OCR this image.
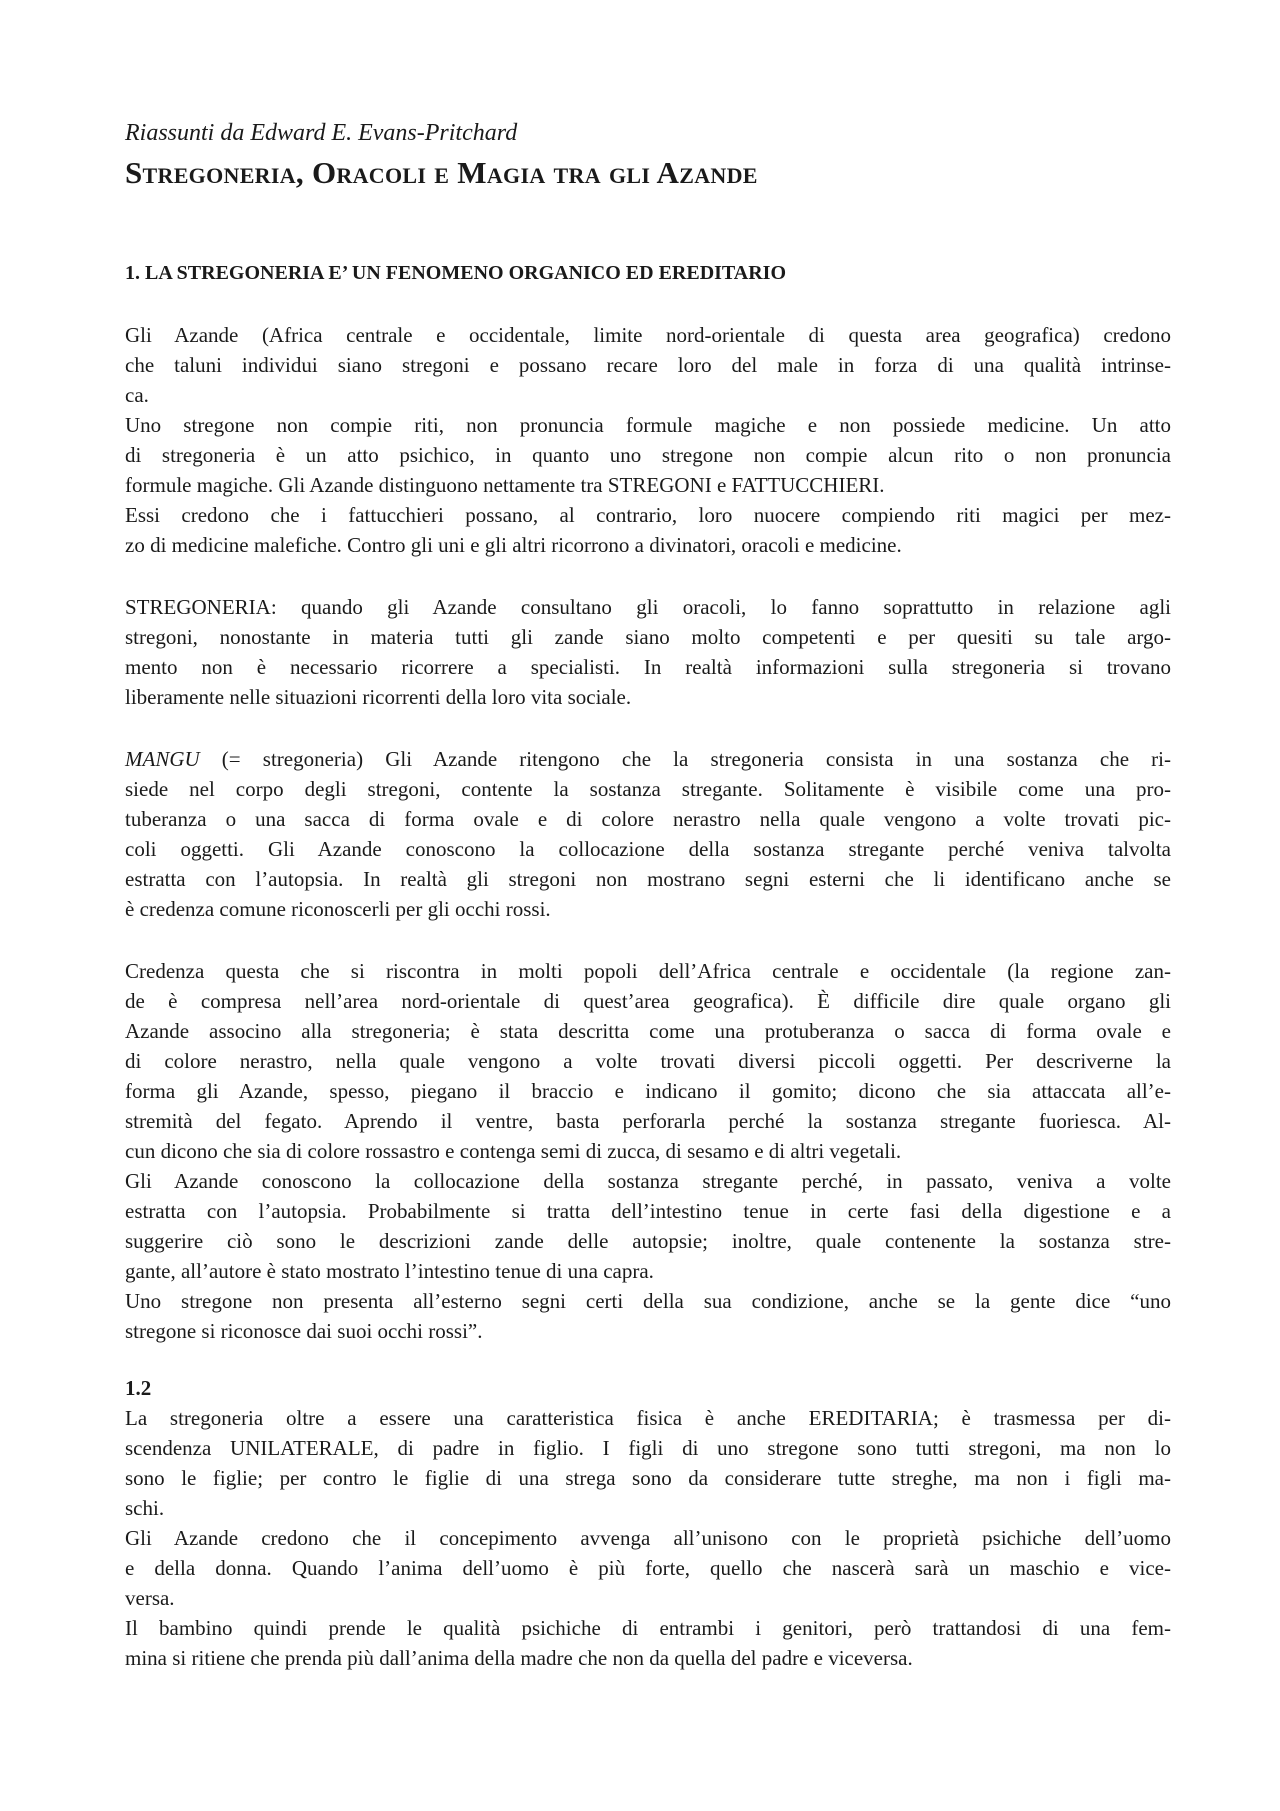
Riassunti da Edward E. Evans-Pritchard
Stregoneria, Oracoli e Magia tra gli Azande
1. LA STREGONERIA E’ UN FENOMENO ORGANICO ED EREDITARIO
Gli Azande (Africa centrale e occidentale, limite nord-orientale di questa area geografica) credono
che taluni individui siano stregoni e possano recare loro del male in forza di una qualità intrinse-
ca.
Uno stregone non compie riti, non pronuncia formule magiche e non possiede medicine. Un atto
di stregoneria è un atto psichico, in quanto uno stregone non compie alcun rito o non pronuncia
formule magiche. Gli Azande distinguono nettamente tra STREGONI e FATTUCCHIERI.
Essi credono che i fattucchieri possano, al contrario, loro nuocere compiendo riti magici per mez-
zo di medicine malefiche. Contro gli uni e gli altri ricorrono a divinatori, oracoli e medicine.
STREGONERIA: quando gli Azande consultano gli oracoli, lo fanno soprattutto in relazione agli
stregoni, nonostante in materia tutti gli zande siano molto competenti e per quesiti su tale argo-
mento non è necessario ricorrere a specialisti. In realtà informazioni sulla stregoneria si trovano
liberamente nelle situazioni ricorrenti della loro vita sociale.
MANGU (= stregoneria) Gli Azande ritengono che la stregoneria consista in una sostanza che ri-
siede nel corpo degli stregoni, contente la sostanza stregante. Solitamente è visibile come una pro-
tuberanza o una sacca di forma ovale e di colore nerastro nella quale vengono a volte trovati pic-
coli oggetti. Gli Azande conoscono la collocazione della sostanza stregante perché veniva talvolta
estratta con l’autopsia. In realtà gli stregoni non mostrano segni esterni che li identificano anche se
è credenza comune riconoscerli per gli occhi rossi.
Credenza questa che si riscontra in molti popoli dell’Africa centrale e occidentale (la regione zan-
de è compresa nell’area nord-orientale di quest’area geografica). È difficile dire quale organo gli
Azande associno alla stregoneria; è stata descritta come una protuberanza o sacca di forma ovale e
di colore nerastro, nella quale vengono a volte trovati diversi piccoli oggetti. Per descriverne la
forma gli Azande, spesso, piegano il braccio e indicano il gomito; dicono che sia attaccata all’e-
stremità del fegato. Aprendo il ventre, basta perforarla perché la sostanza stregante fuoriesca. Al-
cun dicono che sia di colore rossastro e contenga semi di zucca, di sesamo e di altri vegetali.
Gli Azande conoscono la collocazione della sostanza stregante perché, in passato, veniva a volte
estratta con l’autopsia. Probabilmente si tratta dell’intestino tenue in certe fasi della digestione e a
suggerire ciò sono le descrizioni zande delle autopsie; inoltre, quale contenente la sostanza stre-
gante, all’autore è stato mostrato l’intestino tenue di una capra.
Uno stregone non presenta all’esterno segni certi della sua condizione, anche se la gente dice “uno
stregone si riconosce dai suoi occhi rossi”.
1.2
La stregoneria oltre a essere una caratteristica fisica è anche EREDITARIA; è trasmessa per di-
scendenza UNILATERALE, di padre in figlio. I figli di uno stregone sono tutti stregoni, ma non lo
sono le figlie; per contro le figlie di una strega sono da considerare tutte streghe, ma non i figli ma-
schi.
Gli Azande credono che il concepimento avvenga all’unisono con le proprietà psichiche dell’uomo
e della donna. Quando l’anima dell’uomo è più forte, quello che nascerà sarà un maschio e vice-
versa.
Il bambino quindi prende le qualità psichiche di entrambi i genitori, però trattandosi di una fem-
mina si ritiene che prenda più dall’anima della madre che non da quella del padre e viceversa.
